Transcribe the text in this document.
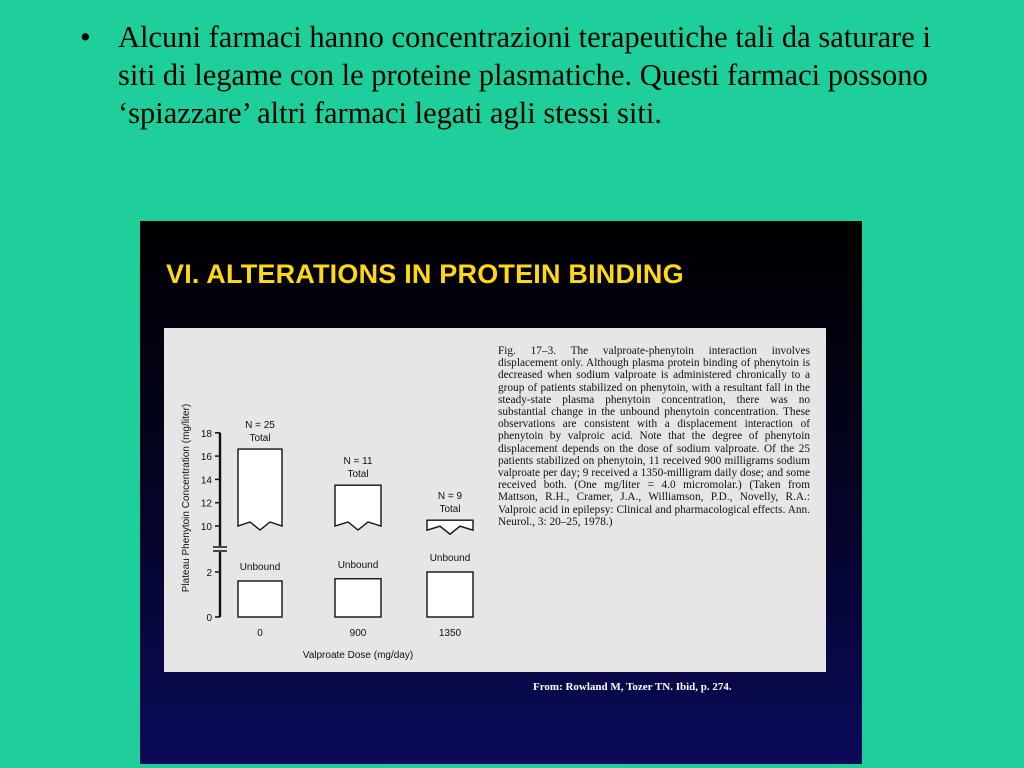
• Alcuni farmaci hanno concentrazioni terapeutiche tali da saturare i siti di legame con le proteine plasmatiche. Questi farmaci possono ‘spiazzare’ altri farmaci legati agli stessi siti.
VI. ALTERATIONS IN PROTEIN BINDING
10
12
14
16
18
0
2
Plateau Phenytoin Concentration (mg/liter)	N = 25
Total
N = 11
Total
N = 9
Total
Unbound	Unbound
Unbound
0	900	1350
Valproate Dose (mg/day)
Fig. 17–3. The valproate-phenytoin interaction involves displacement only. Although plasma protein binding of phenytoin is decreased when sodium valproate is administered chronically to a group of patients stabilized on phenytoin, with a resultant fall in the steady-state plasma phenytoin concentration, there was no substantial change in the unbound phenytoin concentration. These observations are consistent with a displacement interaction of phenytoin by valproic acid. Note that the degree of phenytoin displacement depends on the dose of sodium valproate. Of the 25 patients stabilized on phenytoin, 11 received 900 milligrams sodium valproate per day; 9 received a 1350-milligram daily dose; and some received both. (One mg/liter = 4.0 micromolar.) (Taken from Mattson, R.H., Cramer, J.A., Williamson, P.D., Novelly, R.A.: Valproic acid in epilepsy: Clinical and pharmacological effects. Ann. Neurol., 3: 20–25, 1978.)
From: Rowland M, Tozer TN. Ibid, p. 274.
